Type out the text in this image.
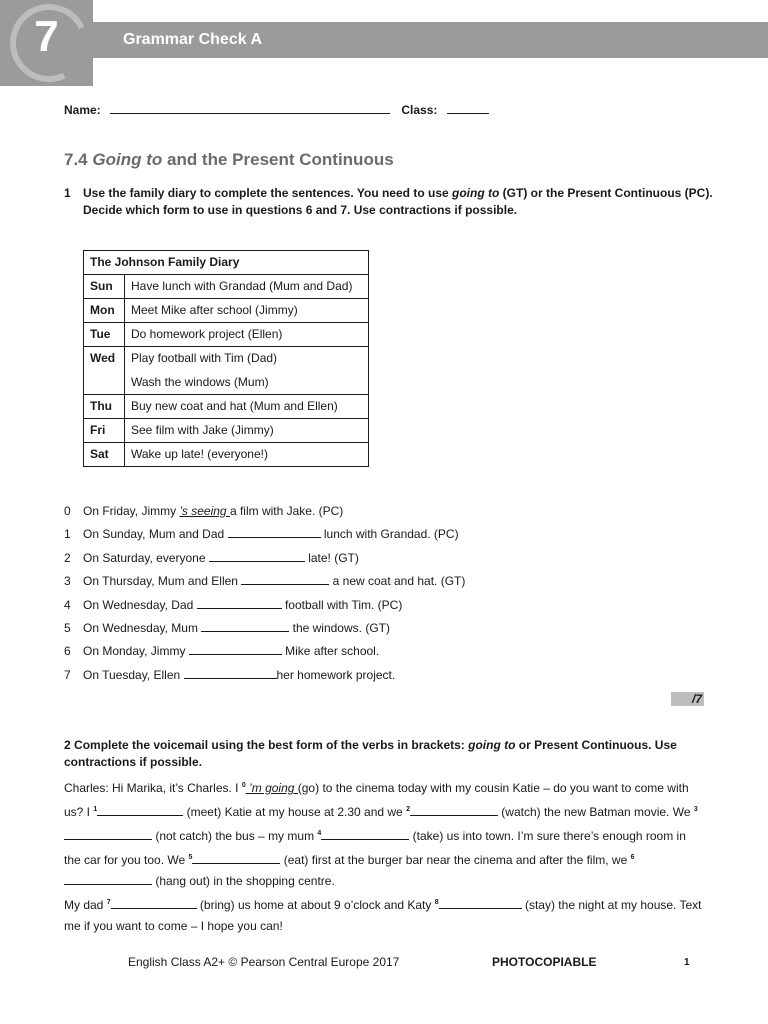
7	Grammar Check A
Name:	Class:
7.4 Going to and the Present Continuous
1	Use the family diary to complete the sentences. You need to use going to (GT) or the Present Continuous (PC). Decide which form to use in questions 6 and 7. Use contractions if possible.
The Johnson Family Diary	
Sun	Have lunch with Grandad (Mum and Dad)
Mon	Meet Mike after school (Jimmy)
Tue	Do homework project (Ellen)
Wed	Play football with Tim (Dad)
Wash the windows (Mum)

Thu	Buy new coat and hat (Mum and Ellen)
Fri	See film with Jake (Jimmy)
Sat	Wake up late! (everyone!)
0 On Friday, Jimmy ’s seeing a film with Jake. (PC)
1 On Sunday, Mum and Dad	lunch with Grandad. (PC)
2 On Saturday, everyone	late! (GT)
3 On Thursday, Mum and Ellen	a new coat and hat. (GT)
4 On Wednesday, Dad	football with Tim. (PC)
5 On Wednesday, Mum	the windows. (GT)
6 On Monday, Jimmy	Mike after school.
7 On Tuesday, Ellen	her homework project.
/7
2 Complete the voicemail using the best form of the verbs in brackets: going to or Present Continuous. Use contractions if possible.
Charles: Hi Marika, it’s Charles. I $^0$ ’m going (go) to the cinema today with my cousin Katie – do you want to come with us? I $^1$	(meet) Katie at my house at 2.30 and we $^2$	(watch) the new Batman movie. We $^3$ (not catch) the bus – my mum $^4$	(take) us into town. I’m sure there’s enough room in the car for you too. We $^5$	(eat) first at the burger bar near the cinema and after the film, we $^6$ (hang out) in the shopping centre.
My dad $^7$	(bring) us home at about 9 o’clock and Katy $^8$	(stay) the night at my house. Text me if you want to come – I hope you can!
English Class A2+ © Pearson Central Europe 2017	PHOTOCOPIABLE	1
